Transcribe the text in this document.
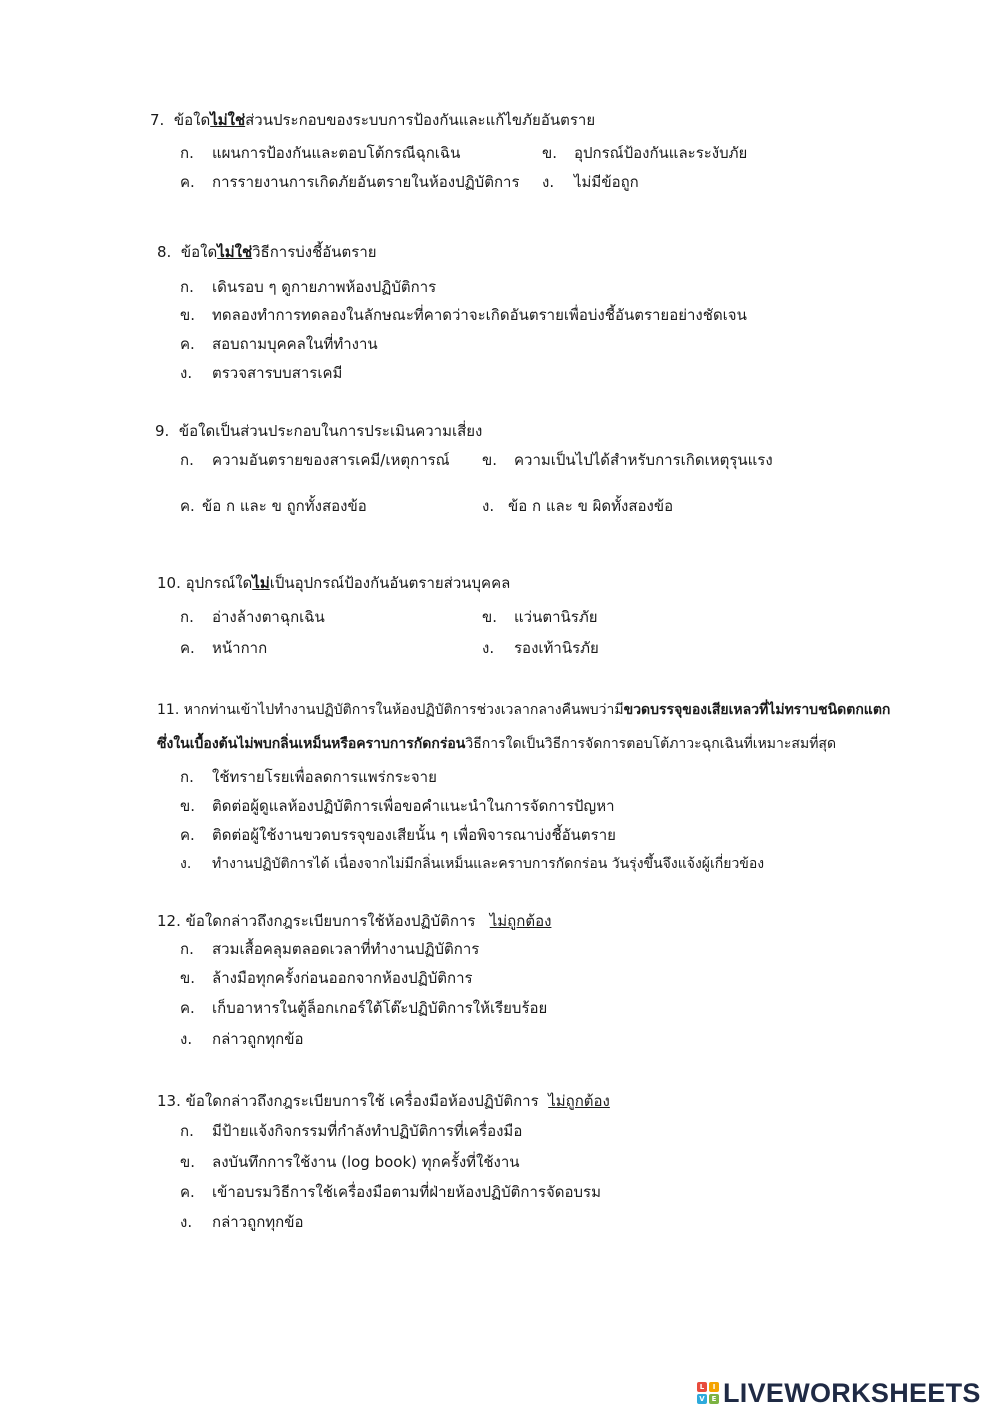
7. ข้อใดไม่ใช่ส่วนประกอบของระบบการป้องกันและแก้ไขภัยอันตราย
ก. แผนการป้องกันและตอบโต้กรณีฉุกเฉิน	ข. อุปกรณ์ป้องกันและระงับภัย
ค. การรายงานการเกิดภัยอันตรายในห้องปฏิบัติการ ง. ไม่มีข้อถูก
8. ข้อใดไม่ใช่วิธีการบ่งชี้อันตราย
ก. เดินรอบ ๆ ดูกายภาพห้องปฏิบัติการ
ข. ทดลองทำการทดลองในลักษณะที่คาดว่าจะเกิดอันตรายเพื่อบ่งชี้อันตรายอย่างชัดเจน
ค. สอบถามบุคคลในที่ทำงาน
ง. ตรวจสารบบสารเคมี
9. ข้อใดเป็นส่วนประกอบในการประเมินความเสี่ยง
ก. ความอันตรายของสารเคมี/เหตุการณ์ ข. ความเป็นไปได้สำหรับการเกิดเหตุรุนแรง
ค. ข้อ ก และ ข ถูกทั้งสองข้อ	ง. ข้อ ก และ ข ผิดทั้งสองข้อ
10. อุปกรณ์ใดไม่เป็นอุปกรณ์ป้องกันอันตรายส่วนบุคคล
ก. อ่างล้างตาฉุกเฉิน	ข. แว่นตานิรภัย
ค. หน้ากาก	ง. รองเท้านิรภัย
11. หากท่านเข้าไปทำงานปฏิบัติการในห้องปฏิบัติการช่วงเวลากลางคืนพบว่ามีขวดบรรจุของเสียเหลวที่ไม่ทราบชนิดตกแตก
ซึ่งในเบื้องต้นไม่พบกลิ่นเหม็นหรือคราบการกัดกร่อนวิธีการใดเป็นวิธีการจัดการตอบโต้ภาวะฉุกเฉินที่เหมาะสมที่สุด
ก. ใช้ทรายโรยเพื่อลดการแพร่กระจาย
ข. ติดต่อผู้ดูแลห้องปฏิบัติการเพื่อขอคำแนะนำในการจัดการปัญหา
ค. ติดต่อผู้ใช้งานขวดบรรจุของเสียนั้น ๆ เพื่อพิจารณาบ่งชี้อันตราย
ง. ทำงานปฏิบัติการได้ เนื่องจากไม่มีกลิ่นเหม็นและคราบการกัดกร่อน วันรุ่งขึ้นจึงแจ้งผู้เกี่ยวข้อง
12. ข้อใดกล่าวถึงกฎระเบียบการใช้ห้องปฏิบัติการ ไม่ถูกต้อง
ก. สวมเสื้อคลุมตลอดเวลาที่ทำงานปฏิบัติการ
ข. ล้างมือทุกครั้งก่อนออกจากห้องปฏิบัติการ
ค. เก็บอาหารในตู้ล็อกเกอร์ใต้โต๊ะปฏิบัติการให้เรียบร้อย
ง. กล่าวถูกทุกข้อ
13. ข้อใดกล่าวถึงกฎระเบียบการใช้ เครื่องมือห้องปฏิบัติการ ไม่ถูกต้อง
ก. มีป้ายแจ้งกิจกรรมที่กำลังทำปฏิบัติการที่เครื่องมือ
ข. ลงบันทึกการใช้งาน (log book) ทุกครั้งที่ใช้งาน
ค. เข้าอบรมวิธีการใช้เครื่องมือตามที่ฝ่ายห้องปฏิบัติการจัดอบรม
ง. กล่าวถูกทุกข้อ
L	I
V E LIVEWORKSHEETS
